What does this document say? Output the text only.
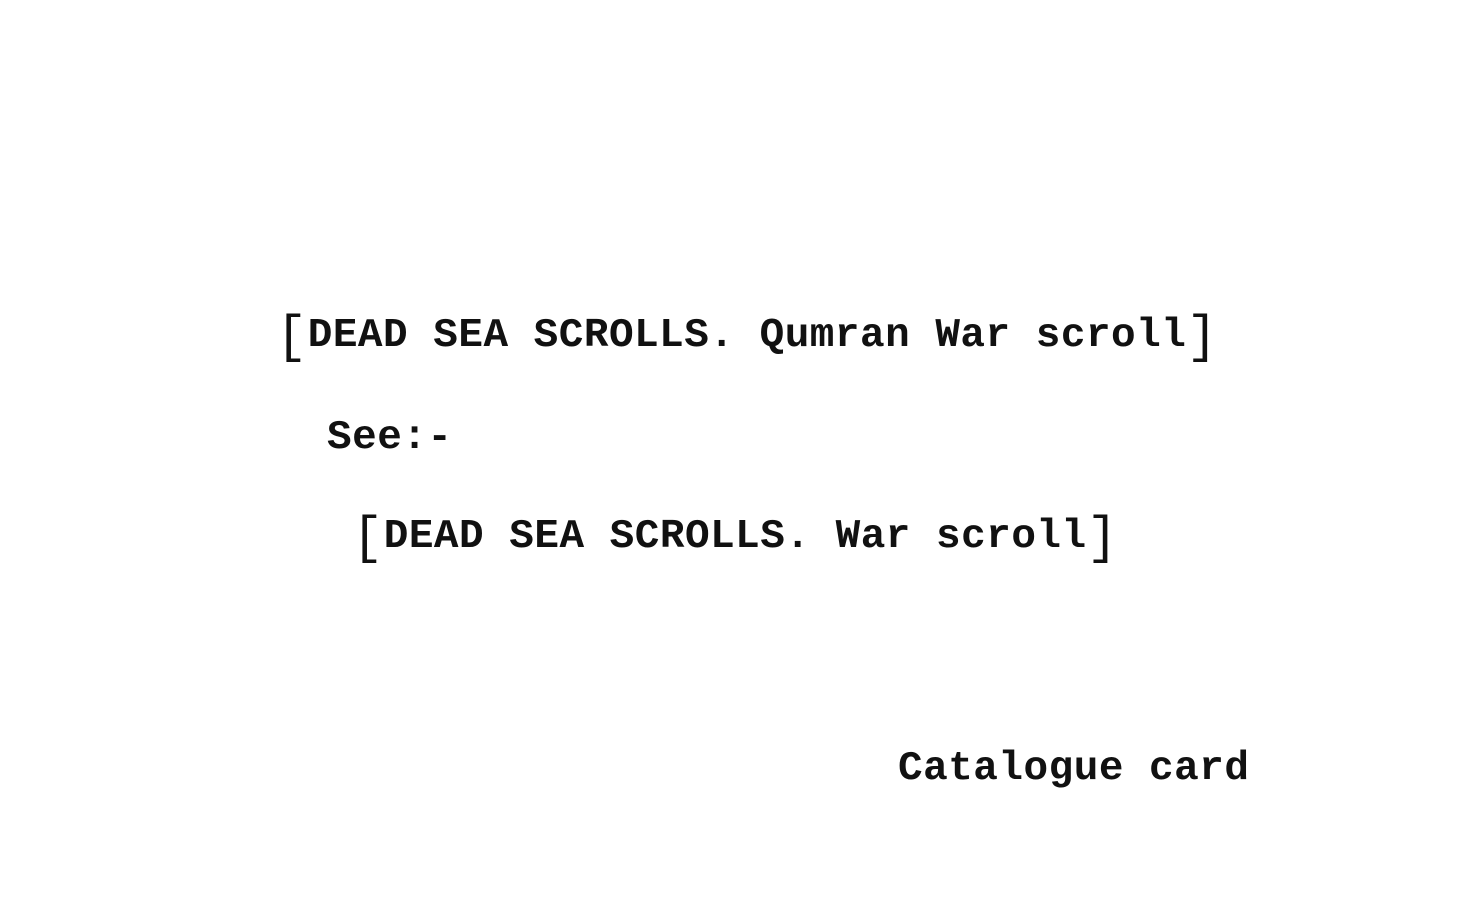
[DEAD SEA SCROLLS. Qumran War scroll]
See:-
[DEAD SEA SCROLLS. War scroll]
Catalogue card
